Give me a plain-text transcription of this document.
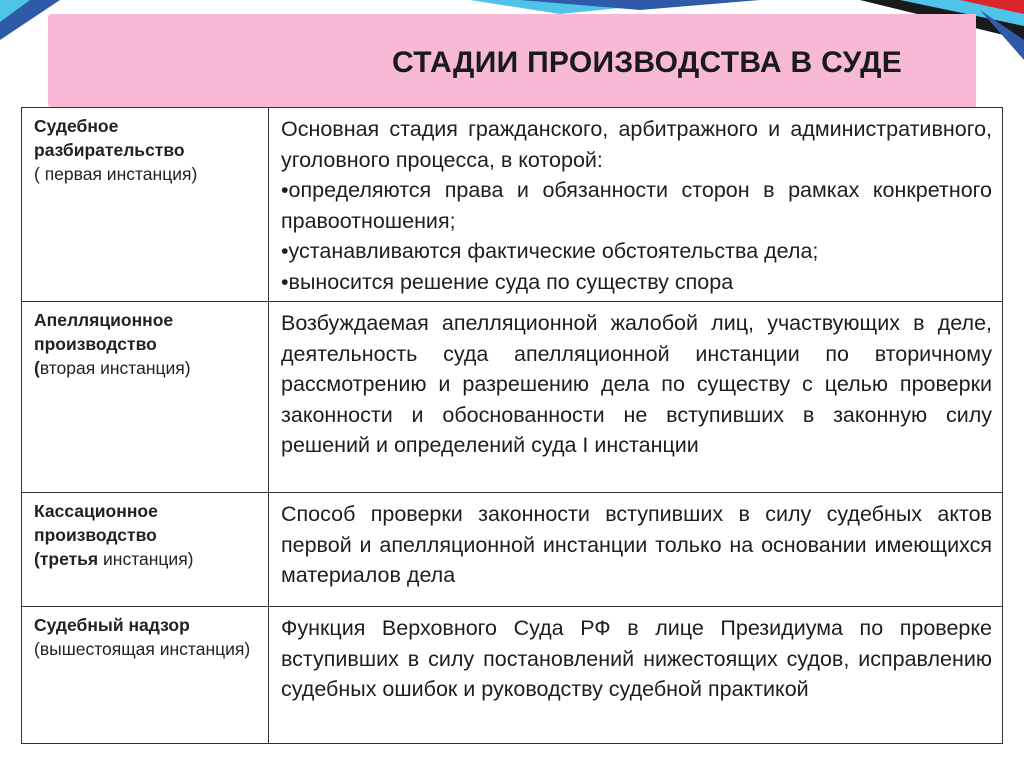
СТАДИИ ПРОИЗВОДСТВА В СУДЕ
Судебное разбирательство
( первая инстанция)	Основная стадия гражданского, арбитражного и административного, уголовного процесса, в которой:
•определяются права и обязанности сторон в рамках конкретного правоотношения;
•устанавливаются фактические обстоятельства дела;
•выносится решение суда по существу спора

Апелляционное производство
(вторая инстанция)	Возбуждаемая апелляционной жалобой лиц, участвующих в деле, деятельность суда апелляционной инстанции по вторичному рассмотрению и разрешению дела по существу с целью проверки законности и обоснованности не вступивших в законную силу решений и определений суда I инстанции

Кассационное производство
(третья инстанция)	Способ проверки законности вступивших в силу судебных актов первой и апелляционной инстанции только на основании имеющихся материалов дела

Судебный надзор
(вышестоящая инстанция)	Функция Верховного Суда РФ в лице Президиума по проверке вступивших в силу постановлений нижестоящих судов, исправлению судебных ошибок и руководству судебной практикой
